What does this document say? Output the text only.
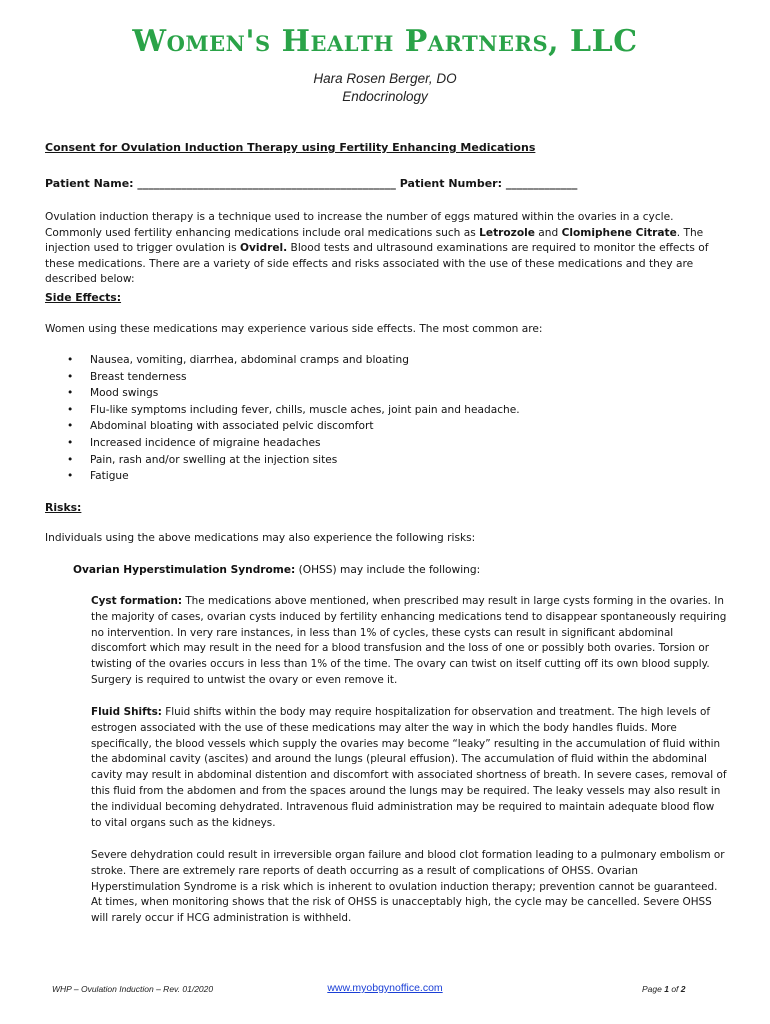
Women's Health Partners, LLC
Hara Rosen Berger, DO
Endocrinology
Consent for Ovulation Induction Therapy using Fertility Enhancing Medications
Patient Name: _______________________________________________ Patient Number: _____________
Ovulation induction therapy is a technique used to increase the number of eggs matured within the ovaries in a cycle. Commonly used fertility enhancing medications include oral medications such as Letrozole and Clomiphene Citrate. The injection used to trigger ovulation is Ovidrel. Blood tests and ultrasound examinations are required to monitor the effects of these medications. There are a variety of side effects and risks associated with the use of these medications and they are described below:
Side Effects:
Women using these medications may experience various side effects. The most common are:
• Nausea, vomiting, diarrhea, abdominal cramps and bloating
• Breast tenderness
• Mood swings
• Flu-like symptoms including fever, chills, muscle aches, joint pain and headache.
• Abdominal bloating with associated pelvic discomfort
• Increased incidence of migraine headaches
• Pain, rash and/or swelling at the injection sites
• Fatigue
Risks:
Individuals using the above medications may also experience the following risks:
Ovarian Hyperstimulation Syndrome: (OHSS) may include the following:
Cyst formation: The medications above mentioned, when prescribed may result in large cysts forming in the ovaries. In the majority of cases, ovarian cysts induced by fertility enhancing medications tend to disappear spontaneously requiring no intervention. In very rare instances, in less than 1% of cycles, these cysts can result in significant abdominal discomfort which may result in the need for a blood transfusion and the loss of one or possibly both ovaries. Torsion or twisting of the ovaries occurs in less than 1% of the time. The ovary can twist on itself cutting off its own blood supply. Surgery is required to untwist the ovary or even remove it.
Fluid Shifts: Fluid shifts within the body may require hospitalization for observation and treatment. The high levels of estrogen associated with the use of these medications may alter the way in which the body handles fluids. More specifically, the blood vessels which supply the ovaries may become “leaky” resulting in the accumulation of fluid within the abdominal cavity (ascites) and around the lungs (pleural effusion). The accumulation of fluid within the abdominal cavity may result in abdominal distention and discomfort with associated shortness of breath. In severe cases, removal of this fluid from the abdomen and from the spaces around the lungs may be required. The leaky vessels may also result in the individual becoming dehydrated. Intravenous fluid administration may be required to maintain adequate blood flow to vital organs such as the kidneys.
Severe dehydration could result in irreversible organ failure and blood clot formation leading to a pulmonary embolism or stroke. There are extremely rare reports of death occurring as a result of complications of OHSS. Ovarian Hyperstimulation Syndrome is a risk which is inherent to ovulation induction therapy; prevention cannot be guaranteed. At times, when monitoring shows that the risk of OHSS is unacceptably high, the cycle may be cancelled. Severe OHSS will rarely occur if HCG administration is withheld.
WHP – Ovulation Induction – Rev. 01/2020	www.myobgynoffice.com	Page 1 of 2
